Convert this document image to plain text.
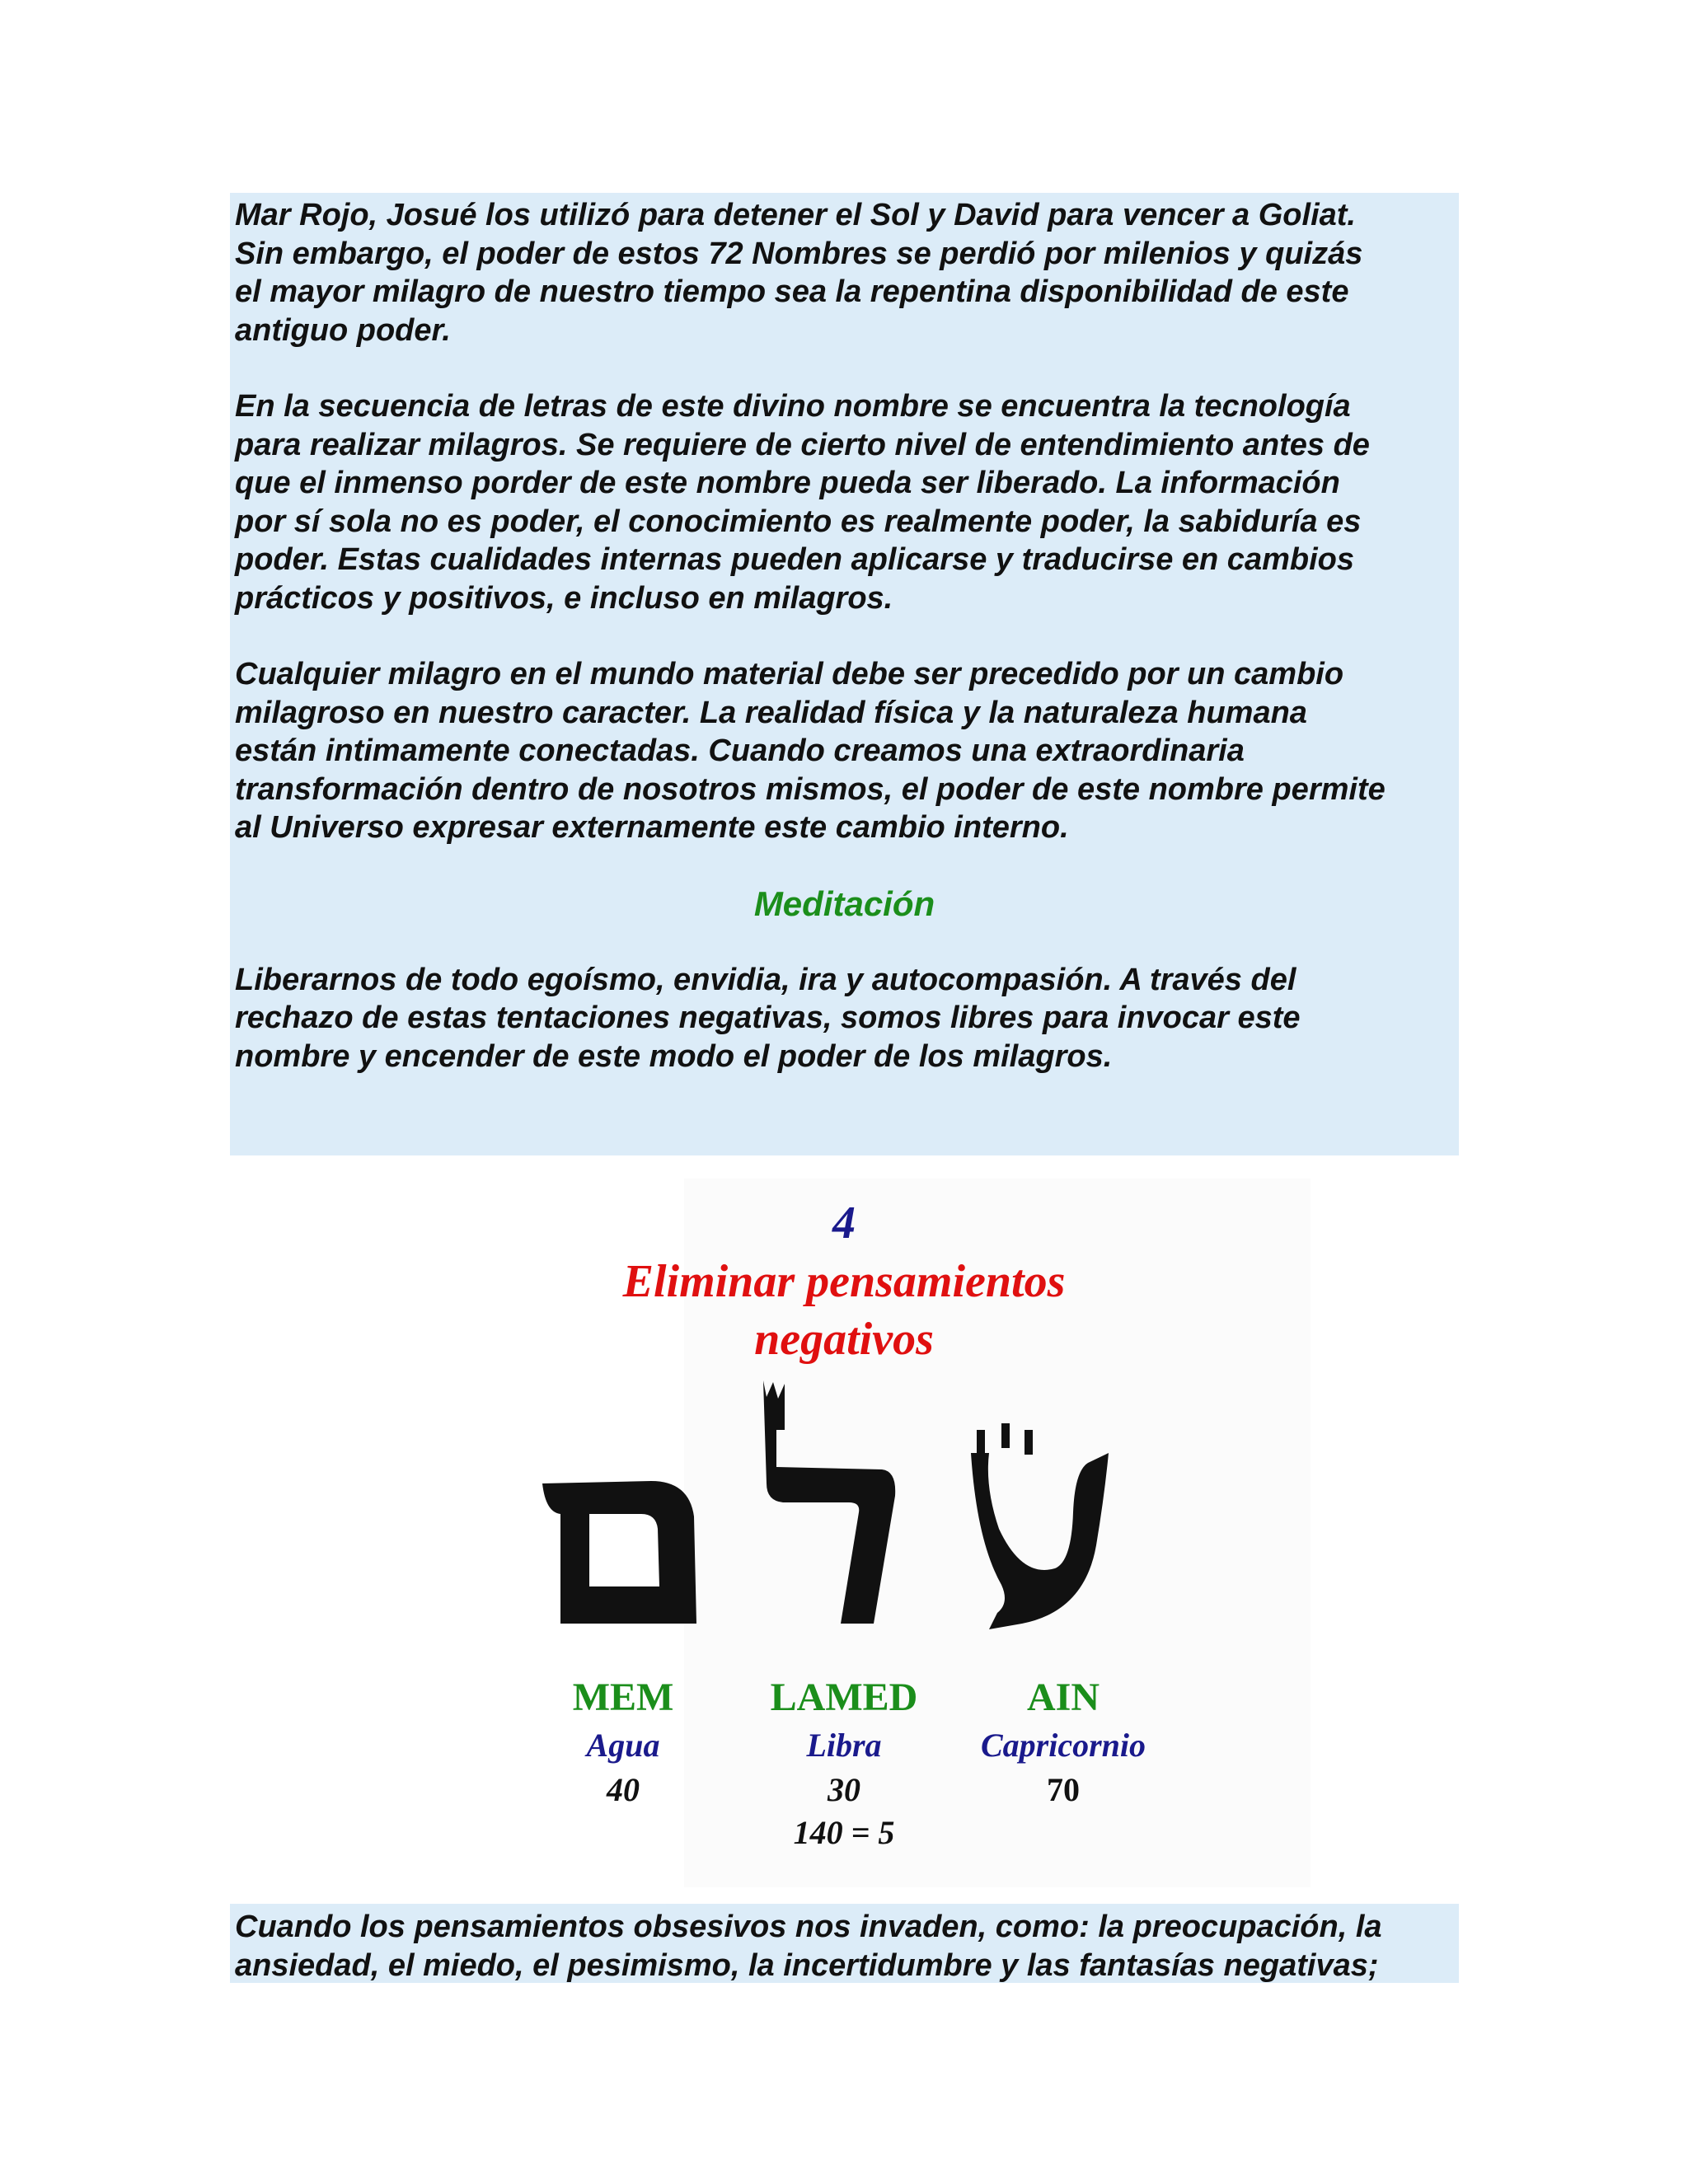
Mar Rojo, Josué los utilizó para detener el Sol y David para vencer a Goliat.
Sin embargo, el poder de estos 72 Nombres se perdió por milenios y quizás
el mayor milagro de nuestro tiempo sea la repentina disponibilidad de este
antiguo poder.

En la secuencia de letras de este divino nombre se encuentra la tecnología
para realizar milagros. Se requiere de cierto nivel de entendimiento antes de
que el inmenso porder de este nombre pueda ser liberado. La información
por sí sola no es poder, el conocimiento es realmente poder, la sabiduría es
poder. Estas cualidades internas pueden aplicarse y traducirse en cambios
prácticos y positivos, e incluso en milagros.

Cualquier milagro en el mundo material debe ser precedido por un cambio
milagroso en nuestro caracter. La realidad física y la naturaleza humana
están intimamente conectadas. Cuando creamos una extraordinaria
transformación dentro de nosotros mismos, el poder de este nombre permite
al Universo expresar externamente este cambio interno.

Meditación

Liberarnos de todo egoísmo, envidia, ira y autocompasión. A través del
rechazo de estas tentaciones negativas, somos libres para invocar este
nombre y encender de este modo el poder de los milagros.

4
Eliminar pensamientos
negativos
MEM
Agua
40
LAMED
Libra
30
AIN
Capricornio
70
140 = 5

Cuando los pensamientos obsesivos nos invaden, como: la preocupación, la
ansiedad, el miedo, el pesimismo, la incertidumbre y las fantasías negativas;
